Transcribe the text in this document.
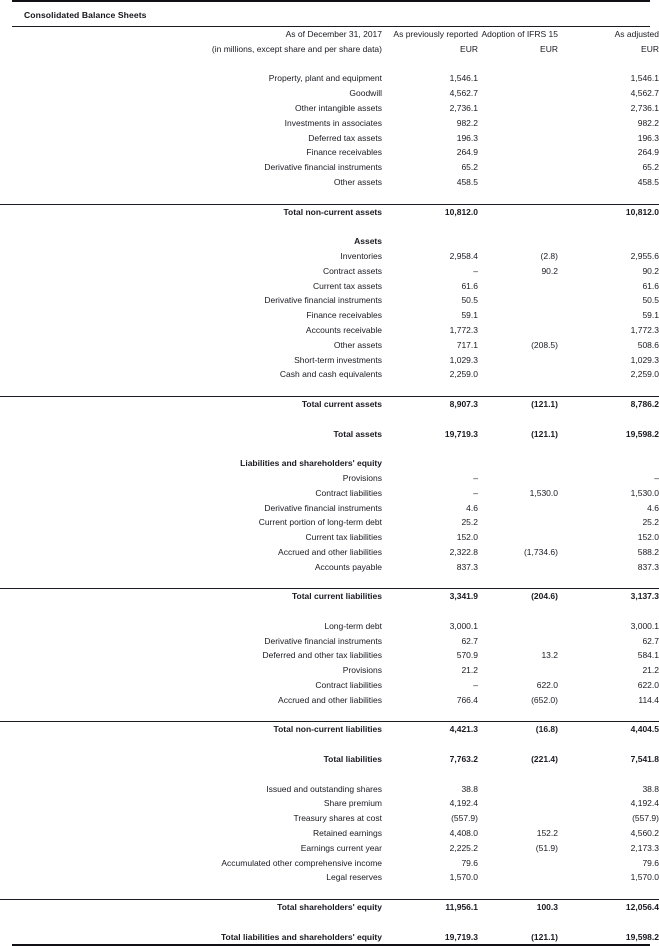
Consolidated Balance Sheets
As of December 31, 2017	As previously reported	Adoption of IFRS 15	As adjusted
(in millions, except share and per share data)	EUR	EUR	EUR

Property, plant and equipment	1,546.1		1,546.1
Goodwill	4,562.7		4,562.7
Other intangible assets	2,736.1		2,736.1
Investments in associates	982.2		982.2
Deferred tax assets	196.3		196.3
Finance receivables	264.9		264.9
Derivative financial instruments	65.2		65.2
Other assets	458.5		458.5

Total non-current assets	10,812.0		10,812.0

Assets			
Inventories	2,958.4	(2.8)	2,955.6
Contract assets	–	90.2	90.2
Current tax assets	61.6		61.6
Derivative financial instruments	50.5		50.5
Finance receivables	59.1		59.1
Accounts receivable	1,772.3		1,772.3
Other assets	717.1	(208.5)	508.6
Short-term investments	1,029.3		1,029.3
Cash and cash equivalents	2,259.0		2,259.0

Total current assets	8,907.3	(121.1)	8,786.2

Total assets	19,719.3	(121.1)	19,598.2

Liabilities and shareholders' equity			
Provisions	–		–
Contract liabilities	–	1,530.0	1,530.0
Derivative financial instruments	4.6		4.6
Current portion of long-term debt	25.2		25.2
Current tax liabilities	152.0		152.0
Accrued and other liabilities	2,322.8	(1,734.6)	588.2
Accounts payable	837.3		837.3

Total current liabilities	3,341.9	(204.6)	3,137.3

Long-term debt	3,000.1		3,000.1
Derivative financial instruments	62.7		62.7
Deferred and other tax liabilities	570.9	13.2	584.1
Provisions	21.2		21.2
Contract liabilities	–	622.0	622.0
Accrued and other liabilities	766.4	(652.0)	114.4

Total non-current liabilities	4,421.3	(16.8)	4,404.5

Total liabilities	7,763.2	(221.4)	7,541.8

Issued and outstanding shares	38.8		38.8
Share premium	4,192.4		4,192.4
Treasury shares at cost	(557.9)		(557.9)
Retained earnings	4,408.0	152.2	4,560.2
Earnings current year	2,225.2	(51.9)	2,173.3
Accumulated other comprehensive income	79.6		79.6
Legal reserves	1,570.0		1,570.0

Total shareholders' equity	11,956.1	100.3	12,056.4

Total liabilities and shareholders' equity	19,719.3	(121.1)	19,598.2
